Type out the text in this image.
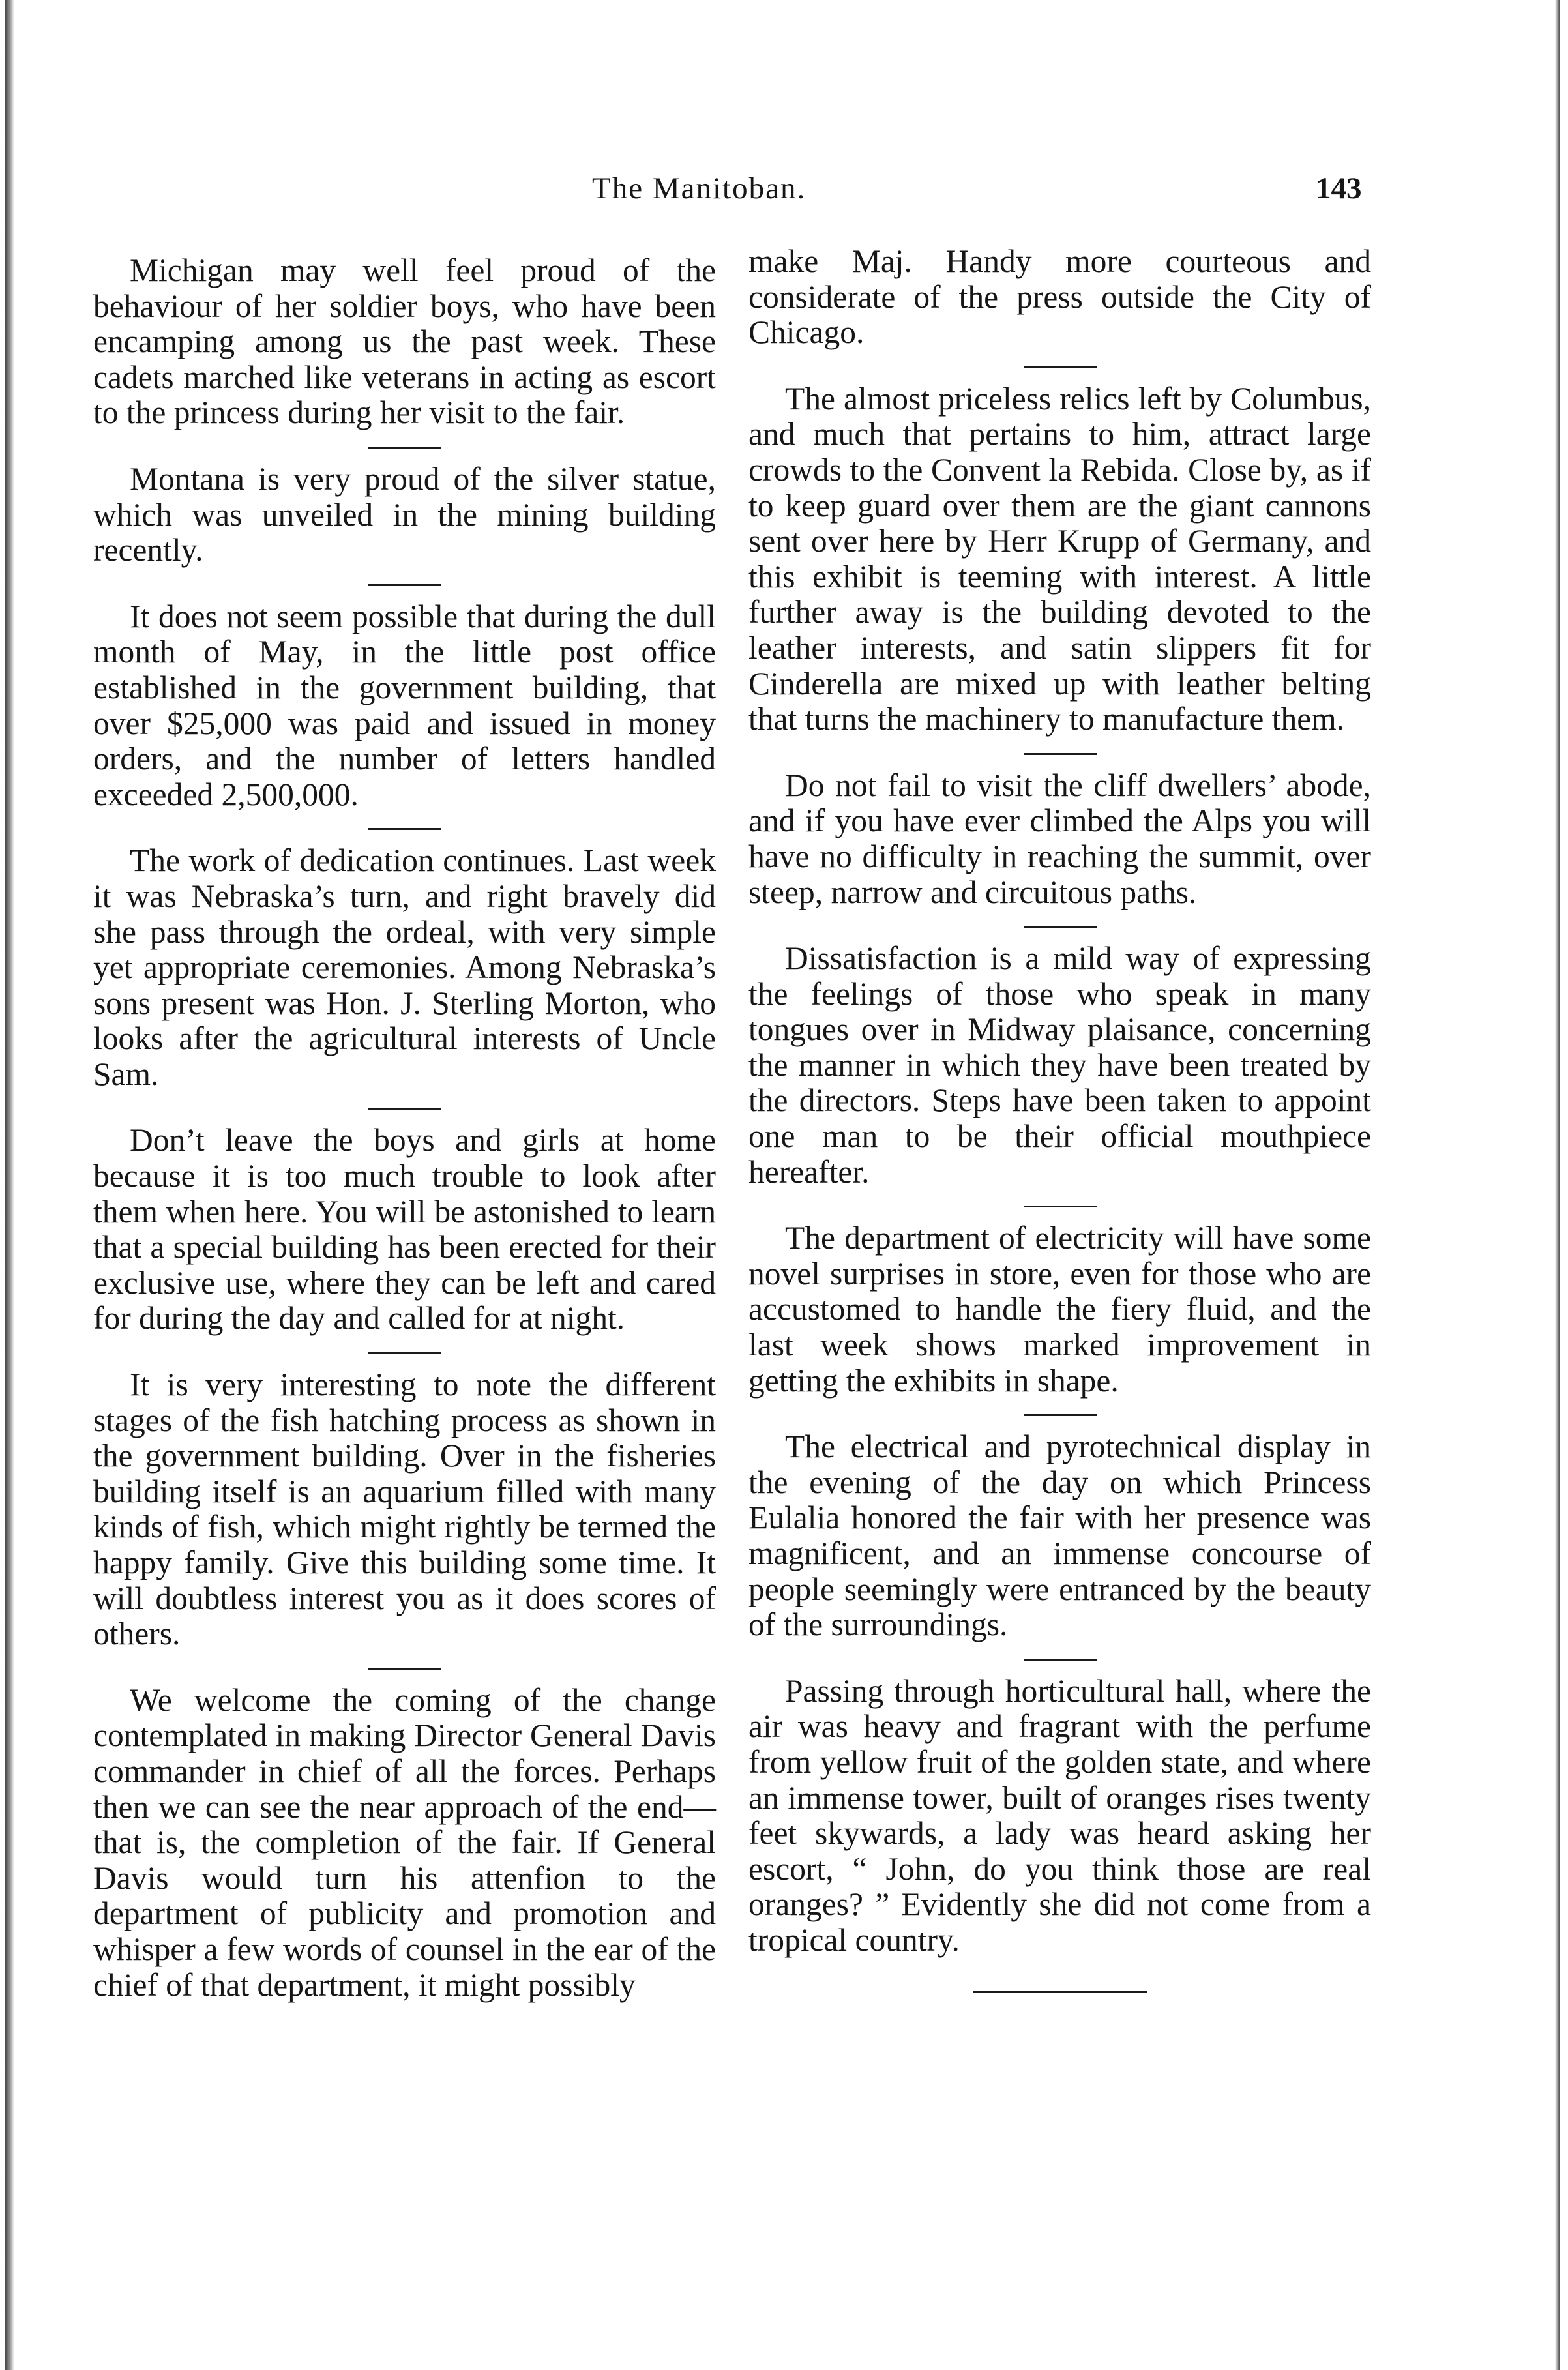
The Manitoban.	143

Michigan may well feel proud of the behaviour of her soldier boys, who have been encamping among us the past week. These cadets marched like veterans in acting as escort to the princess during her visit to the fair.

Montana is very proud of the silver statue, which was unveiled in the mining building recently.

It does not seem possible that during the dull month of May, in the little post office established in the government building, that over $25,000 was paid and issued in money orders, and the number of letters handled exceeded 2,500,000.

The work of dedication continues. Last week it was Nebraska’s turn, and right bravely did she pass through the ordeal, with very simple yet appropriate ceremonies. Among Nebraska’s sons present was Hon. J. Sterling Morton, who looks after the agricultural interests of Uncle Sam.

Don’t leave the boys and girls at home because it is too much trouble to look after them when here. You will be astonished to learn that a special building has been erected for their exclusive use, where they can be left and cared for during the day and called for at night.

It is very interesting to note the different stages of the fish hatching process as shown in the government building. Over in the fisheries building itself is an aquarium filled with many kinds of fish, which might rightly be termed the happy family. Give this building some time. It will doubtless interest you as it does scores of others.

We welcome the coming of the change contemplated in making Director General Davis commander in chief of all the forces. Perhaps then we can see the near approach of the end—that is, the completion of the fair. If General Davis would turn his attenfion to the department of publicity and promotion and whisper a few words of counsel in the ear of the chief of that department, it might possibly

make Maj. Handy more courteous and considerate of the press outside the City of Chicago.

The almost priceless relics left by Columbus, and much that pertains to him, attract large crowds to the Convent la Rebida. Close by, as if to keep guard over them are the giant cannons sent over here by Herr Krupp of Germany, and this exhibit is teeming with interest. A little further away is the building devoted to the leather interests, and satin slippers fit for Cinderella are mixed up with leather belting that turns the machinery to manufacture them.

Do not fail to visit the cliff dwellers’ abode, and if you have ever climbed the Alps you will have no difficulty in reaching the summit, over steep, narrow and circuitous paths.

Dissatisfaction is a mild way of expressing the feelings of those who speak in many tongues over in Midway plaisance, concerning the manner in which they have been treated by the directors. Steps have been taken to appoint one man to be their official mouthpiece hereafter.

The department of electricity will have some novel surprises in store, even for those who are accustomed to handle the fiery fluid, and the last week shows marked improvement in getting the exhibits in shape.

The electrical and pyrotechnical display in the evening of the day on which Princess Eulalia honored the fair with her presence was magnificent, and an immense concourse of people seemingly were entranced by the beauty of the surroundings.

Passing through horticultural hall, where the air was heavy and fragrant with the perfume from yellow fruit of the golden state, and where an immense tower, built of oranges rises twenty feet skywards, a lady was heard asking her escort, “ John, do you think those are real oranges? ” Evidently she did not come from a tropical country.
